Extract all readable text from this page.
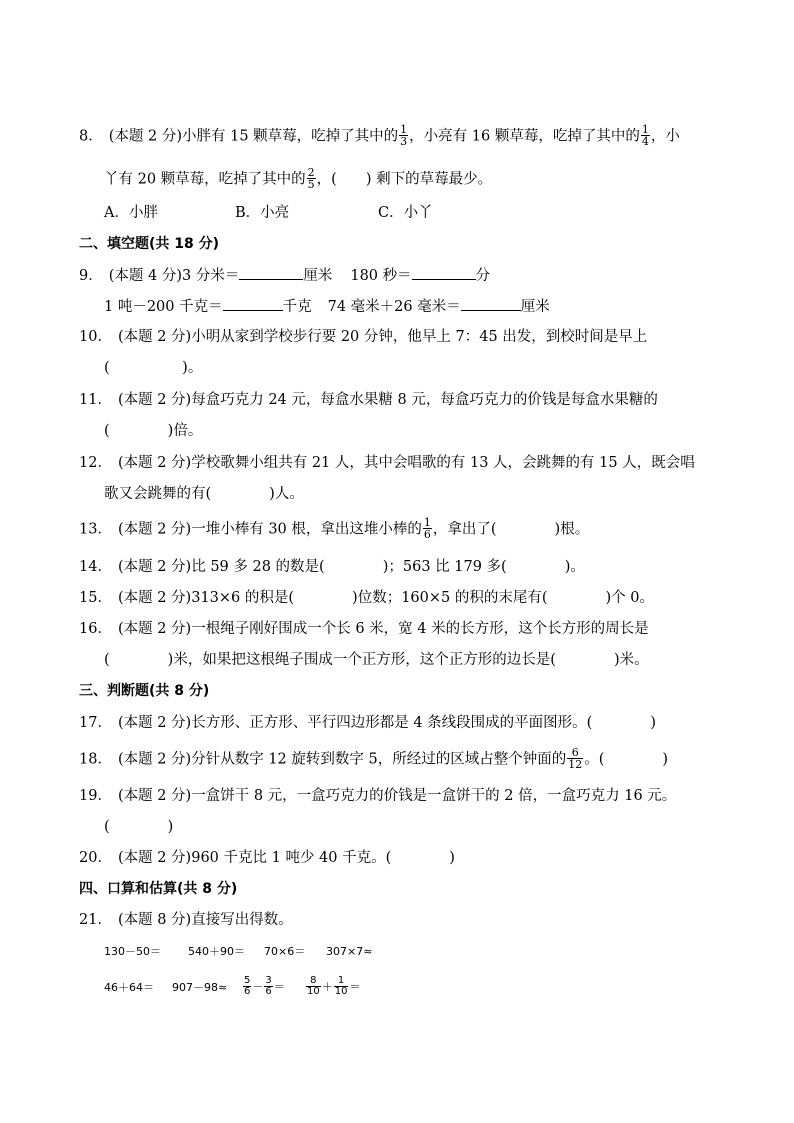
8． (本题 2 分)小胖有 15 颗草莓，吃掉了其中的 $\frac{1}{3}$ ，小亮有 16 颗草莓，吃掉了其中的 $\frac{1}{4}$ ，小
丫有 20 颗草莓，吃掉了其中的 $\frac{2}{5}$ ，(　　) 剩下的草莓最少。
A．小胖	B．小亮	C．小丫
二、填空题(共 18 分)
9． (本题 4 分)3 分米＝	厘米 180 秒＝	分
1 吨－200 千克＝	千克 74 毫米＋26 毫米＝	厘米
10． (本题 2 分)小明从家到学校步行要 20 分钟，他早上 7：45 出发，到校时间是早上
(　　　　　)。
11． (本题 2 分)每盒巧克力 24 元，每盒水果糖 8 元，每盒巧克力的价钱是每盒水果糖的
(　　　　)倍。
12． (本题 2 分)学校歌舞小组共有 21 人，其中会唱歌的有 13 人，会跳舞的有 15 人，既会唱
歌又会跳舞的有(　　　　)人。
13． (本题 2 分)一堆小棒有 30 根，拿出这堆小棒的 $\frac{1}{6}$ ，拿出了(　　　　)根。
14． (本题 2 分)比 59 多 28 的数是(　　　　)；563 比 179 多(　　　　)。
15． (本题 2 分)313×6 的积是(　　　　)位数；160×5 的积的末尾有(　　　　)个 0。
16． (本题 2 分)一根绳子刚好围成一个长 6 米，宽 4 米的长方形，这个长方形的周长是
(　　　　)米，如果把这根绳子围成一个正方形，这个正方形的边长是(　　　　)米。
三、判断题(共 8 分)
17． (本题 2 分)长方形、正方形、平行四边形都是 4 条线段围成的平面图形。(　　　　)
18． (本题 2 分)分针从数字 12 旋转到数字 5，所经过的区域占整个钟面的 $\frac{6}{12}$ 。(　　　　)
19． (本题 2 分)一盒饼干 8 元，一盒巧克力的价钱是一盒饼干的 2 倍，一盒巧克力 16 元。
(　　　　)
20． (本题 2 分)960 千克比 1 吨少 40 千克。(　　　　)
四、口算和估算(共 8 分)
21． (本题 8 分)直接写出得数。
130－50＝ 540＋90＝ 70×6＝ 307×7≈
$46+64= 907-98\approx \frac{5}{6} - \frac{3}{6} = \frac{8}{10} + \frac{1}{10}$ ＝
